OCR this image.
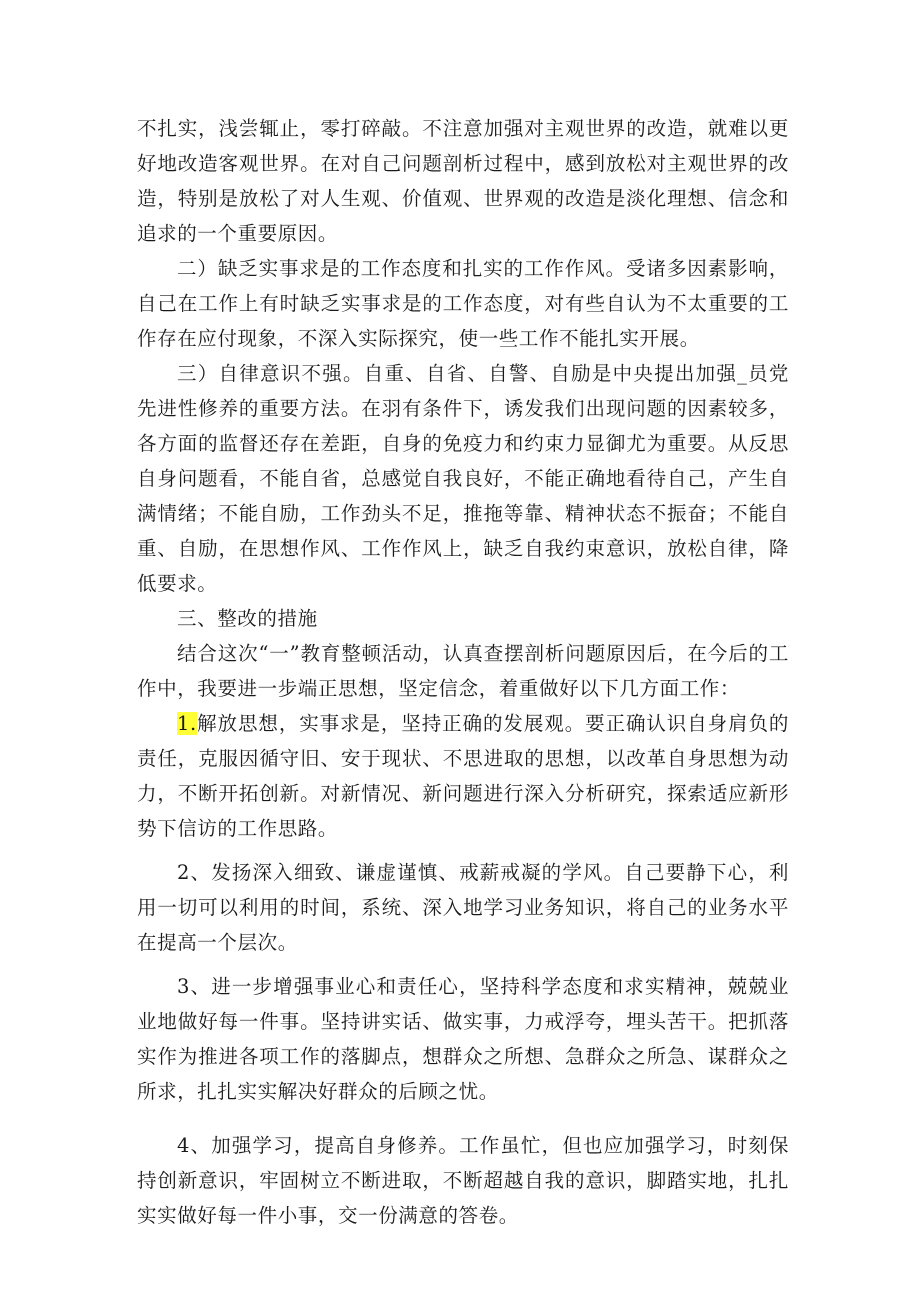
不扎实，浅尝辄止，零打碎敲。不注意加强对主观世界的改造，就难以更好地改造客观世界。在对自己问题剖析过程中，感到放松对主观世界的改造，特别是放松了对人生观、价值观、世界观的改造是淡化理想、信念和追求的一个重要原因。

二）缺乏实事求是的工作态度和扎实的工作作风。受诸多因素影响，自己在工作上有时缺乏实事求是的工作态度，对有些自认为不太重要的工作存在应付现象，不深入实际探究，使一些工作不能扎实开展。

三）自律意识不强。自重、自省、自警、自励是中央提出加强_员党先进性修养的重要方法。在羽有条件下，诱发我们出现问题的因素较多，各方面的监督还存在差距，自身的免疫力和约束力显御尤为重要。从反思自身问题看，不能自省，总感觉自我良好，不能正确地看待自己，产生自满情绪；不能自励，工作劲头不足，推拖等靠、精神状态不振奋；不能自重、自励，在思想作风、工作作风上，缺乏自我约束意识，放松自律，降低要求。

三、整改的措施

结合这次“一”教育整顿活动，认真查摆剖析问题原因后，在今后的工作中，我要进一步端正思想，坚定信念，着重做好以下几方面工作：

1.解放思想，实事求是，坚持正确的发展观。要正确认识自身肩负的责任，克服因循守旧、安于现状、不思进取的思想，以改革自身思想为动力，不断开拓创新。对新情况、新问题进行深入分析研究，探索适应新形势下信访的工作思路。

2、发扬深入细致、谦虚谨慎、戒薪戒凝的学风。自己要静下心，利用一切可以利用的时间，系统、深入地学习业务知识，将自己的业务水平在提高一个层次。

3、进一步增强事业心和责任心，坚持科学态度和求实精神，兢兢业业地做好每一件事。坚持讲实话、做实事，力戒浮夸，埋头苦干。把抓落实作为推进各项工作的落脚点，想群众之所想、急群众之所急、谋群众之所求，扎扎实实解决好群众的后顾之忧。

4、加强学习，提高自身修养。工作虽忙，但也应加强学习，时刻保持创新意识，牢固树立不断进取，不断超越自我的意识，脚踏实地，扎扎实实做好每一件小事，交一份满意的答卷。
